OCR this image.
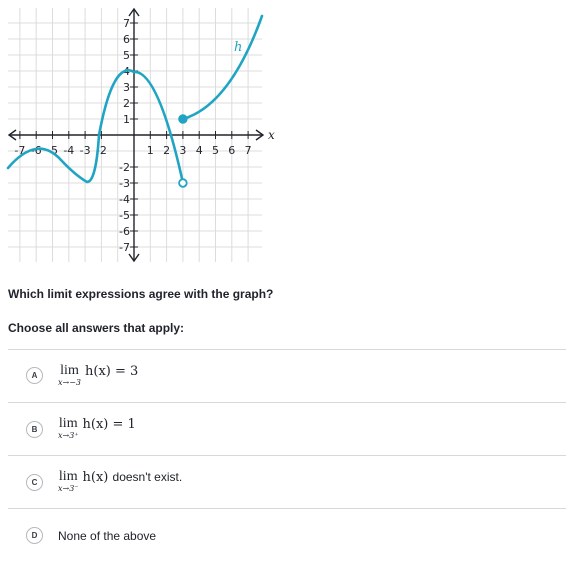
-7 -6 -5 -4 -3 -2	1 2 3 4 5 6 7
7
6
5
4
3
2
1
-2
-3
-4
-5
-6
-7
x
h
Which limit expressions agree with the graph?
Choose all answers that apply:
A	lim
x→−3
h(x) = 3
B	lim
x→3⁺
h(x) = 1
C	lim
x→3⁻
h(x) doesn't exist.
D	None of the above
